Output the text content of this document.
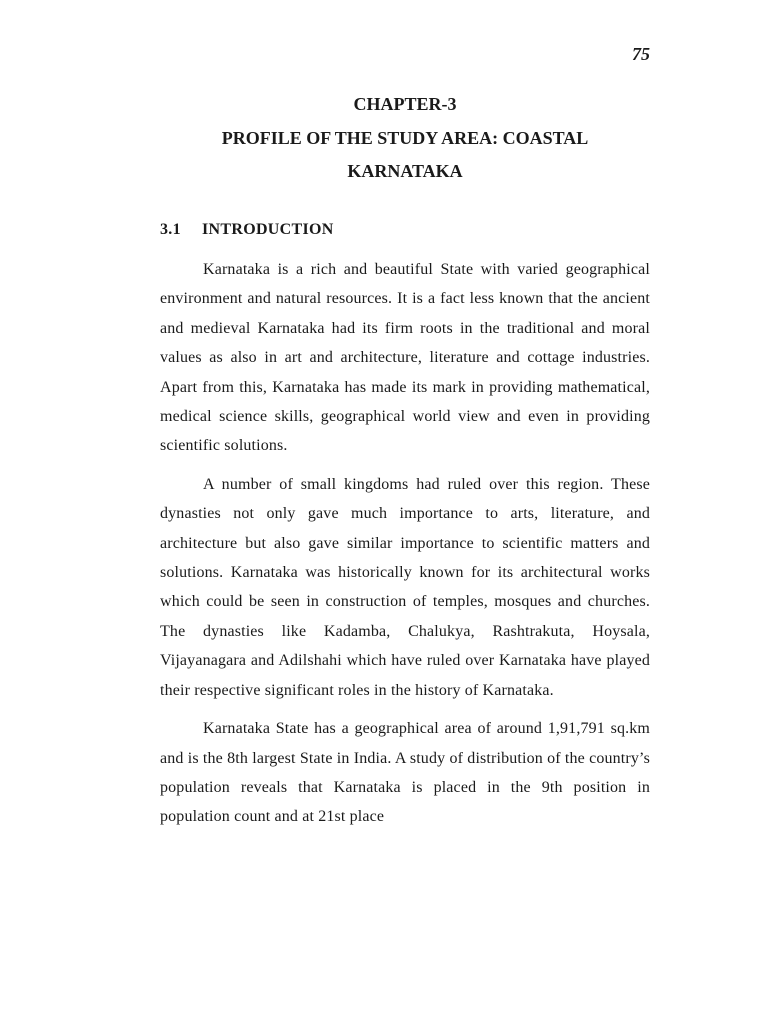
75
CHAPTER-3
PROFILE OF THE STUDY AREA: COASTAL
KARNATAKA
3.1 INTRODUCTION

Karnataka is a rich and beautiful State with varied geographical environment and natural resources. It is a fact less known that the ancient and medieval Karnataka had its firm roots in the traditional and moral values as also in art and architecture, literature and cottage industries. Apart from this, Karnataka has made its mark in providing mathematical, medical science skills, geographical world view and even in providing scientific solutions.

A number of small kingdoms had ruled over this region. These dynasties not only gave much importance to arts, literature, and architecture but also gave similar importance to scientific matters and solutions. Karnataka was historically known for its architectural works which could be seen in construction of temples, mosques and churches. The dynasties like Kadamba, Chalukya, Rashtrakuta, Hoysala, Vijayanagara and Adilshahi which have ruled over Karnataka have played their respective significant roles in the history of Karnataka.

Karnataka State has a geographical area of around 1,91,791 sq.km and is the 8th largest State in India. A study of distribution of the country’s population reveals that Karnataka is placed in the 9th position in population count and at 21st place
